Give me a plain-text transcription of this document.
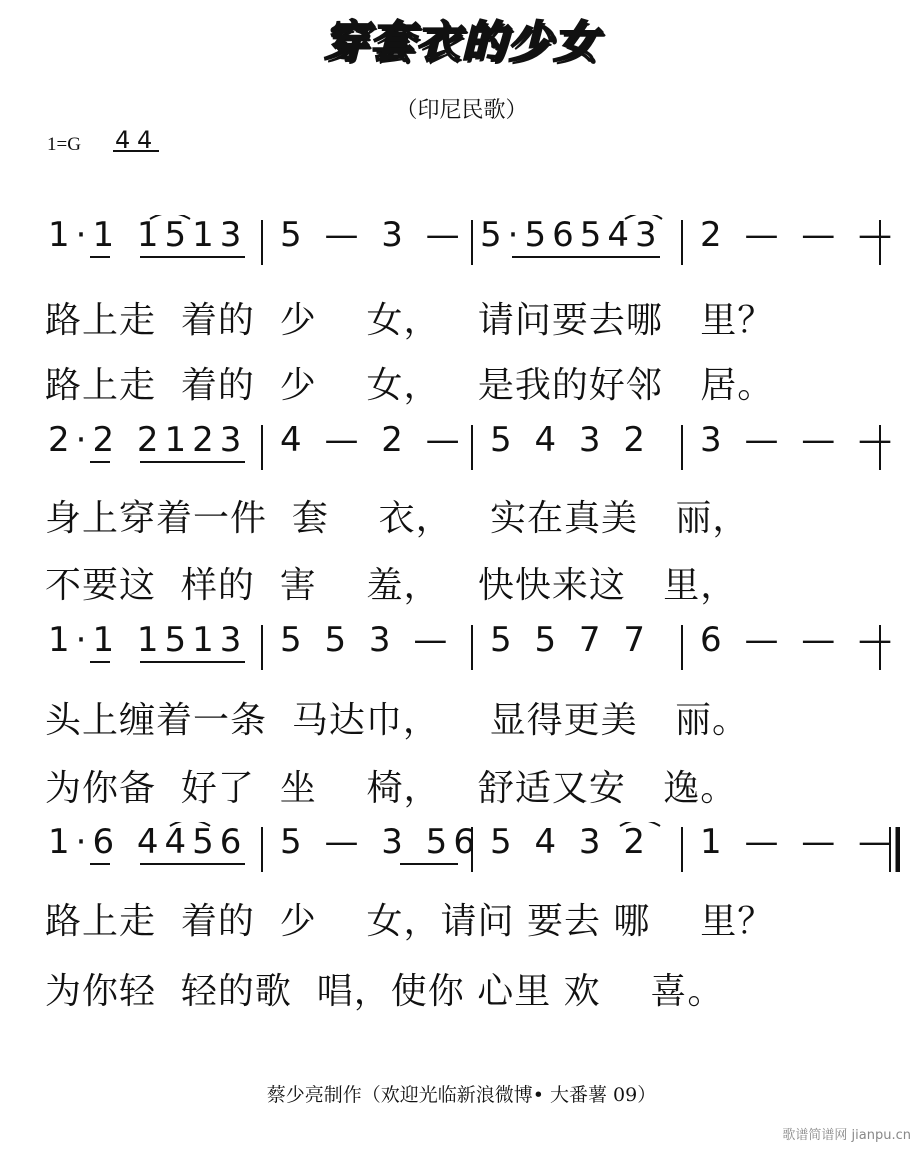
穿套衣的少女
（印尼民歌）
1=G 4 4
1·1 1513 5 — 3 — 5·56543 2 — — —
路上走  着的  少    女，   请问要去哪   里？
路上走  着的  少    女，   是我的好邻   居。
2·2 2123 4 — 2 — 5 4 3 2 3 — — —
身上穿着一件  套    衣，   实在真美   丽，
不要这  样的  害    羞，   快快来这   里，
1·1 1513 5 5 3 — 5 5 7 7 6 — — —
头上缠着一条  马达巾，    显得更美   丽。
为你备  好了  坐    椅，   舒适又安   逸。
1·6 4456 5 — 3 56 5 4 3 2 1 — — —
路上走  着的  少    女，请问 要去 哪    里？
为你轻  轻的歌  唱，使你 心里 欢    喜。
蔡少亮制作（欢迎光临新浪微博• 大番薯 09）
歌谱简谱网 jianpu.cn
